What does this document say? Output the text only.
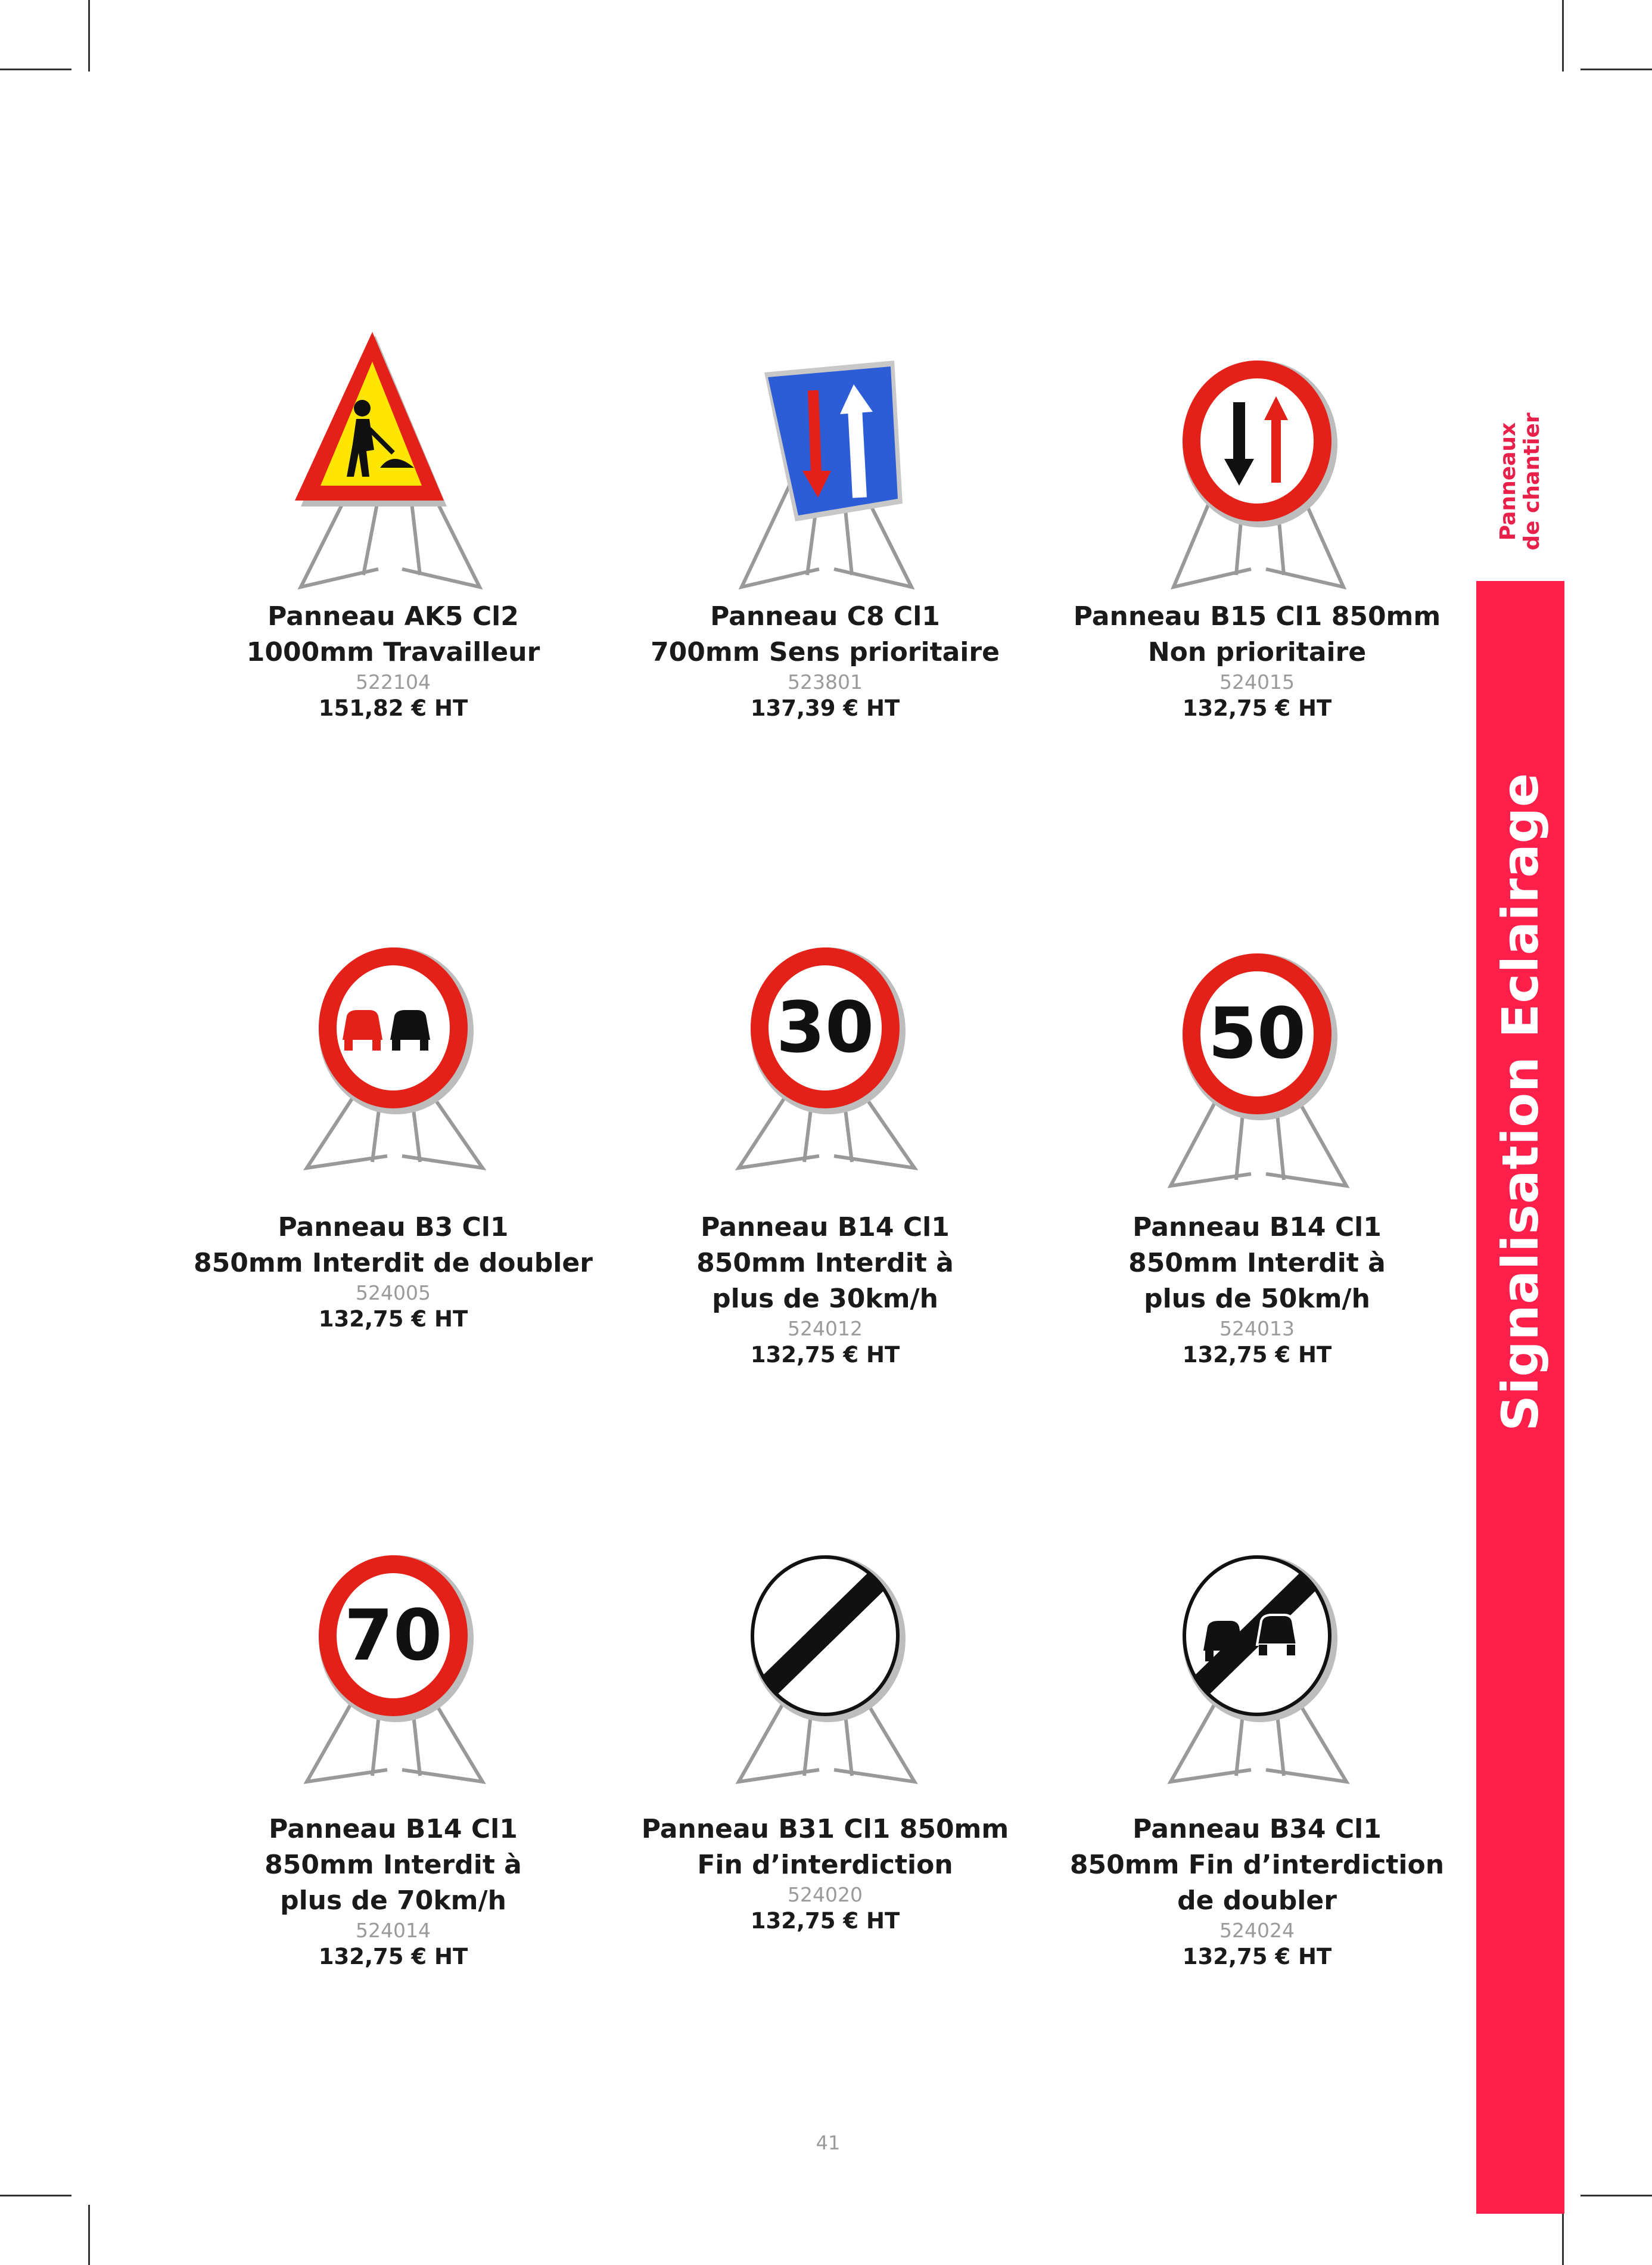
Panneaux
de chantier
Signalisation Eclairage
Panneau AK5 Cl2
1000mm Travailleur
522104
151,82 € HT
Panneau C8 Cl1
700mm Sens prioritaire
523801
137,39 € HT
Panneau B15 Cl1 850mm
Non prioritaire
524015
132,75 € HT
Panneau B3 Cl1
850mm Interdit de doubler
524005
132,75 € HT
30
Panneau B14 Cl1
850mm Interdit à
plus de 30km/h
524012
132,75 € HT
50
Panneau B14 Cl1
850mm Interdit à
plus de 50km/h
524013
132,75 € HT
70
Panneau B14 Cl1
850mm Interdit à
plus de 70km/h
524014
132,75 € HT
Panneau B31 Cl1 850mm
Fin d’interdiction
524020
132,75 € HT
Panneau B34 Cl1
850mm Fin d’interdiction
de doubler
524024
132,75 € HT
41
